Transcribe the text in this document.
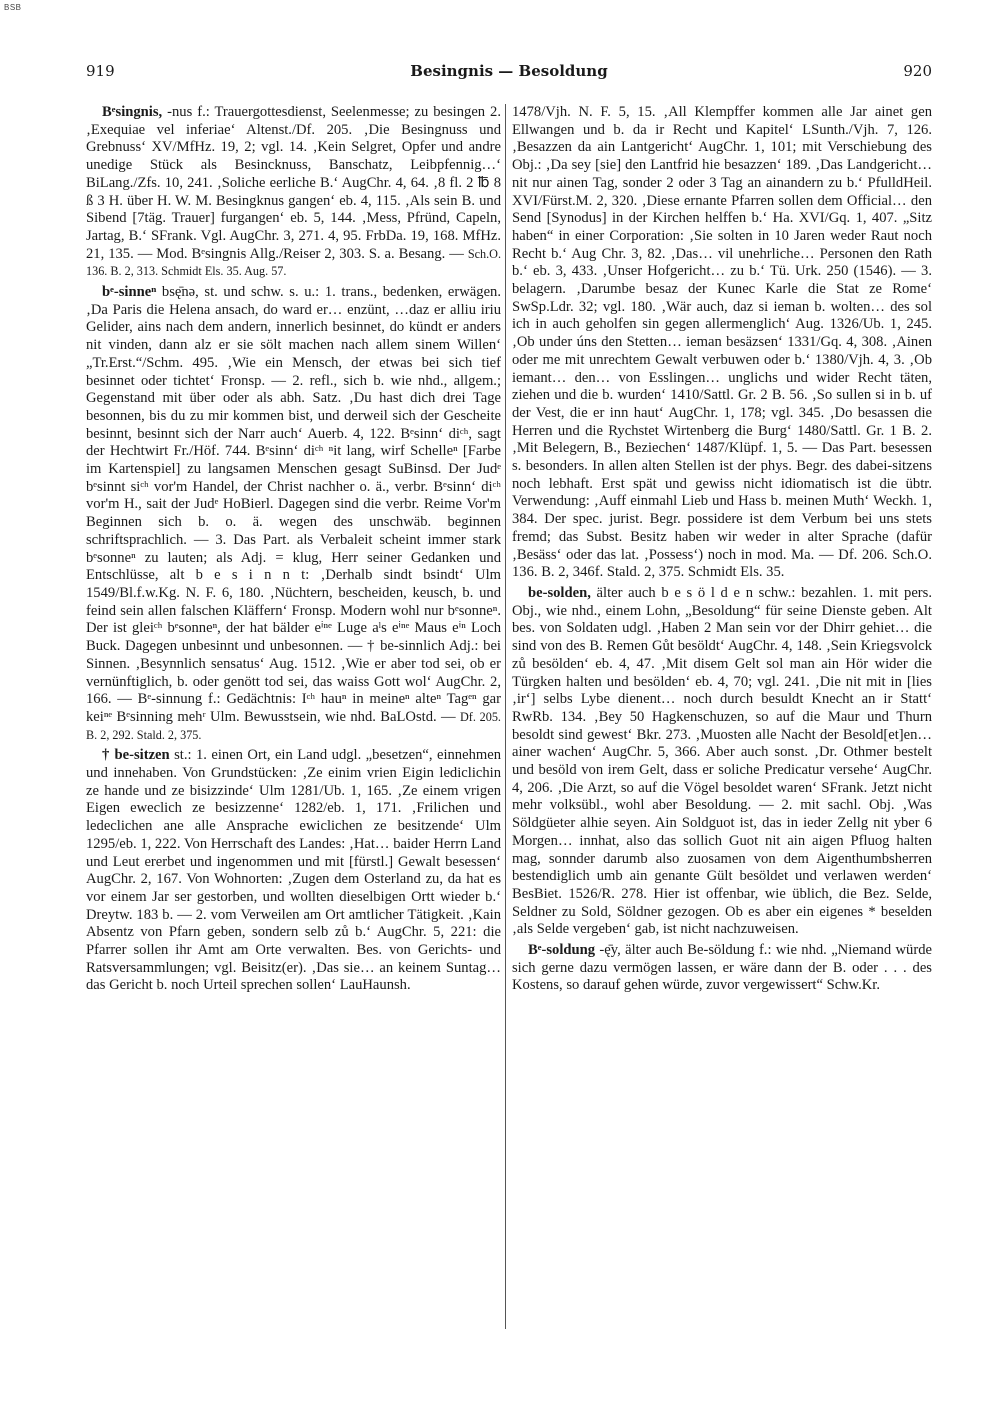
BSB
919	Besingnis — Besoldung	920

Bᵉsingnis, -nus f.: Trauergottesdienst, Seelenmesse; zu besingen 2. ‚Exequiae vel inferiae‘ Altenst./Df. 205. ‚Die Besingnuss und Grebnuss‘ XV/MfHz. 19, 2; vgl. 14. ‚Kein Selgret, Opfer und andre unedige Stück als Besincknuss, Banschatz, Leibpfennig…‘ BiLang./Zfs. 10, 241. ‚Soliche eerliche B.‘ AugChr. 4, 64. ‚8 fl. 2 ℔ 8 ß 3 H. über H. W. M. Besingknus gangen‘ eb. 4, 115. ‚Als sein B. und Sibend [7täg. Trauer] furgangen‘ eb. 5, 144. ‚Mess, Pfründ, Capeln, Jartag, B.‘ SFrank. Vgl. AugChr. 3, 271. 4, 95. FrbDa. 19, 168. MfHz. 21, 135. — Mod. Bᵉsingnis Allg./Reiser 2, 303. S. a. Besang. — Sch.O. 136. B. 2, 313. Schmidt Els. 35. Aug. 57.

bᵉ-sinneⁿ bsę̄nə, st. und schw. s. u.: 1. trans., bedenken, erwägen. ‚Da Paris die Helena ansach, do ward er… enzünt, …daz er alliu iriu Gelider, ains nach dem andern, innerlich besinnet, do kündt er anders nit vinden, dann alz er sie sölt machen nach allem sinem Willen‘ „Tr.Erst.“/Schm. 495. ‚Wie ein Mensch, der etwas bei sich tief besinnet oder tichtet‘ Fronsp. — 2. refl., sich b. wie nhd., allgem.; Gegenstand mit über oder als abh. Satz. ‚Du hast dich drei Tage besonnen, bis du zu mir kommen bist, und derweil sich der Gescheite besinnt, besinnt sich der Narr auch‘ Auerb. 4, 122. Bᵉsinn‘ diᶜʰ, sagt der Hechtwirt Fr./Höf. 744. Bᵉsinn‘ diᶜʰ ⁿit lang, wirf Schelleⁿ [Farbe im Kartenspiel] zu langsamen Menschen gesagt SuBinsd. Der Judᵉ bᵉsinnt siᶜʰ vor'm Handel, der Christ nachher o. ä., verbr. Bᵉsinn‘ diᶜʰ vor'm H., sait der Judᵉ HoBierl. Dagegen sind die verbr. Reime Vor'm Beginnen sich b. o. ä. wegen des unschwäb. beginnen schriftsprachlich. — 3. Das Part. als Verbaleit scheint immer stark bᵉsonneⁿ zu lauten; als Adj. = klug, Herr seiner Gedanken und Entschlüsse, alt b e s i n n t: ‚Derhalb sindt bsindt‘ Ulm 1549/Bl.f.w.Kg. N. F. 6, 180. ‚Nüchtern, bescheiden, keusch, b. und feind sein allen falschen Kläffern‘ Fronsp. Modern wohl nur bᵉsonneⁿ. Der ist gleiᶜʰ bᵉsonneⁿ, der hat bälder eⁱⁿᵉ Luge aˡs eⁱⁿᵉ Maus eⁱⁿ Loch Buck. Dagegen unbesinnt und unbesonnen. — † be-sinnlich Adj.: bei Sinnen. ‚Besynnlich sensatus‘ Aug. 1512. ‚Wie er aber tod sei, ob er vernünftiglich, b. oder genött tod sei, das waiss Gott wol‘ AugChr. 2, 166. — Bᵉ-sinnung f.: Gedächtnis: Iᶜʰ hauⁿ in meineⁿ alteⁿ Tagᵉⁿ gar keiⁿᵉ Bᵉsinning mehʳ Ulm. Bewusstsein, wie nhd. BaLOstd. — Df. 205. B. 2, 292. Stald. 2, 375.

† be-sitzen st.: 1. einen Ort, ein Land udgl. „besetzen“, einnehmen und innehaben. Von Grundstücken: ‚Ze einim vrien Eigin lediclichin ze hande und ze bisizzinde‘ Ulm 1281/Ub. 1, 165. ‚Ze einem vrigen Eigen eweclich ze besizzenne‘ 1282/eb. 1, 171. ‚Frilichen und ledeclichen ane alle Ansprache ewiclichen ze besitzende‘ Ulm 1295/eb. 1, 222. Von Herrschaft des Landes: ‚Hat… baider Herrn Land und Leut ererbet und ingenommen und mit [fürstl.] Gewalt besessen‘ AugChr. 2, 167. Von Wohnorten: ‚Zugen dem Osterland zu, da hat es vor einem Jar ser gestorben, und wollten dieselbigen Ortt wieder b.‘ Dreytw. 183 b. — 2. vom Verweilen am Ort amtlicher Tätigkeit. ‚Kain Absentz von Pfarn geben, sondern selb zů b.‘ AugChr. 5, 221: die Pfarrer sollen ihr Amt am Orte verwalten. Bes. von Gerichts- und Ratsversammlungen; vgl. Beisitz(er). ‚Das sie… an keinem Suntag… das Gericht b. noch Urteil sprechen sollen‘ LauHaunsh.

1478/Vjh. N. F. 5, 15. ‚All Klempffer kommen alle Jar ainet gen Ellwangen und b. da ir Recht und Kapitel‘ LSunth./Vjh. 7, 126. ‚Besazzen da ain Lantgericht‘ AugChr. 1, 101; mit Verschiebung des Obj.: ‚Da sey [sie] den Lantfrid hie besazzen‘ 189. ‚Das Landgericht… nit nur ainen Tag, sonder 2 oder 3 Tag an ainandern zu b.‘ PfulldHeil. XVI/Fürst.M. 2, 320. ‚Diese ernante Pfarren sollen dem Official… den Send [Synodus] in der Kirchen helffen b.‘ Ha. XVI/Gq. 1, 407. „Sitz haben“ in einer Corporation: ‚Sie solten in 10 Jaren weder Raut noch Recht b.‘ Aug Chr. 3, 82. ‚Das… vil unehrliche… Personen den Rath b.‘ eb. 3, 433. ‚Unser Hofgericht… zu b.‘ Tü. Urk. 250 (1546). — 3. belagern. ‚Darumbe besaz der Kunec Karle die Stat ze Rome‘ SwSp.Ldr. 32; vgl. 180. ‚Wär auch, daz si ieman b. wolten… des sol ich in auch geholfen sin gegen allermenglich‘ Aug. 1326/Ub. 1, 245. ‚Ob under úns den Stetten… ieman besäzsen‘ 1331/Gq. 4, 308. ‚Ainen oder me mit unrechtem Gewalt verbuwen oder b.‘ 1380/Vjh. 4, 3. ‚Ob iemant… den… von Esslingen… unglichs und wider Recht täten, ziehen und die b. wurden‘ 1410/Sattl. Gr. 2 B. 56. ‚So sullen si in b. uf der Vest, die er inn haut‘ AugChr. 1, 178; vgl. 345. ‚Do besassen die Herren und die Rychstet Wirtenberg die Burg‘ 1480/Sattl. Gr. 1 B. 2. ‚Mit Belegern, B., Beziechen‘ 1487/Klüpf. 1, 5. — Das Part. besessen s. besonders. In allen alten Stellen ist der phys. Begr. des dabei-sitzens noch lebhaft. Erst spät und gewiss nicht idiomatisch ist die übtr. Verwendung: ‚Auff einmahl Lieb und Hass b. meinen Muth‘ Weckh. 1, 384. Der spec. jurist. Begr. possidere ist dem Verbum bei uns stets fremd; das Subst. Besitz haben wir weder in alter Sprache (dafür ‚Besäss‘ oder das lat. ‚Possess‘) noch in mod. Ma. — Df. 206. Sch.O. 136. B. 2, 346f. Stald. 2, 375. Schmidt Els. 35.

be-solden, älter auch b e s ö l d e n schw.: bezahlen. 1. mit pers. Obj., wie nhd., einem Lohn, „Besoldung“ für seine Dienste geben. Alt bes. von Soldaten udgl. ‚Haben 2 Man sein vor der Dhirr gehiet… die sind von des B. Remen Gůt besöldt‘ AugChr. 4, 148. ‚Sein Kriegsvolck zů besölden‘ eb. 4, 47. ‚Mit disem Gelt sol man ain Hör wider die Türgken halten und besölden‘ eb. 4, 70; vgl. 241. ‚Die nit mit in [lies ‚ir‘] selbs Lybe dienent… noch durch besuldt Knecht an ir Statt‘ RwRb. 134. ‚Bey 50 Hagkenschuzen, so auf die Maur und Thurn besoldt sind gewest‘ Bkr. 273. ‚Muosten alle Nacht der Besold[et]en… ainer wachen‘ AugChr. 5, 366. Aber auch sonst. ‚Dr. Othmer bestelt und besöld von irem Gelt, dass er soliche Predicatur versehe‘ AugChr. 4, 206. ‚Die Arzt, so auf die Vögel besoldet waren‘ SFrank. Jetzt nicht mehr volksübl., wohl aber Besoldung. — 2. mit sachl. Obj. ‚Was Söldgüeter alhie seyen. Ain Soldguot ist, das in ieder Zellg nit yber 6 Morgen… innhat, also das sollich Guot nit ain aigen Pfluog halten mag, sonnder darumb also zuosamen von dem Aigenthumbsherren bestendiglich umb ain genante Gült besöldet und verlawen werden‘ BesBiet. 1526/R. 278. Hier ist offenbar, wie üblich, die Bez. Selde, Seldner zu Sold, Söldner gezogen. Ob es aber ein eigenes * beselden ‚als Selde vergeben‘ gab, ist nicht nachzuweisen.

Bᵉ-soldung -ę̄y, älter auch Be-söldung f.: wie nhd. „Niemand würde sich gerne dazu vermögen lassen, er wäre dann der B. oder . . . des Kostens, so darauf gehen würde, zuvor vergewissert“ Schw.Kr.
